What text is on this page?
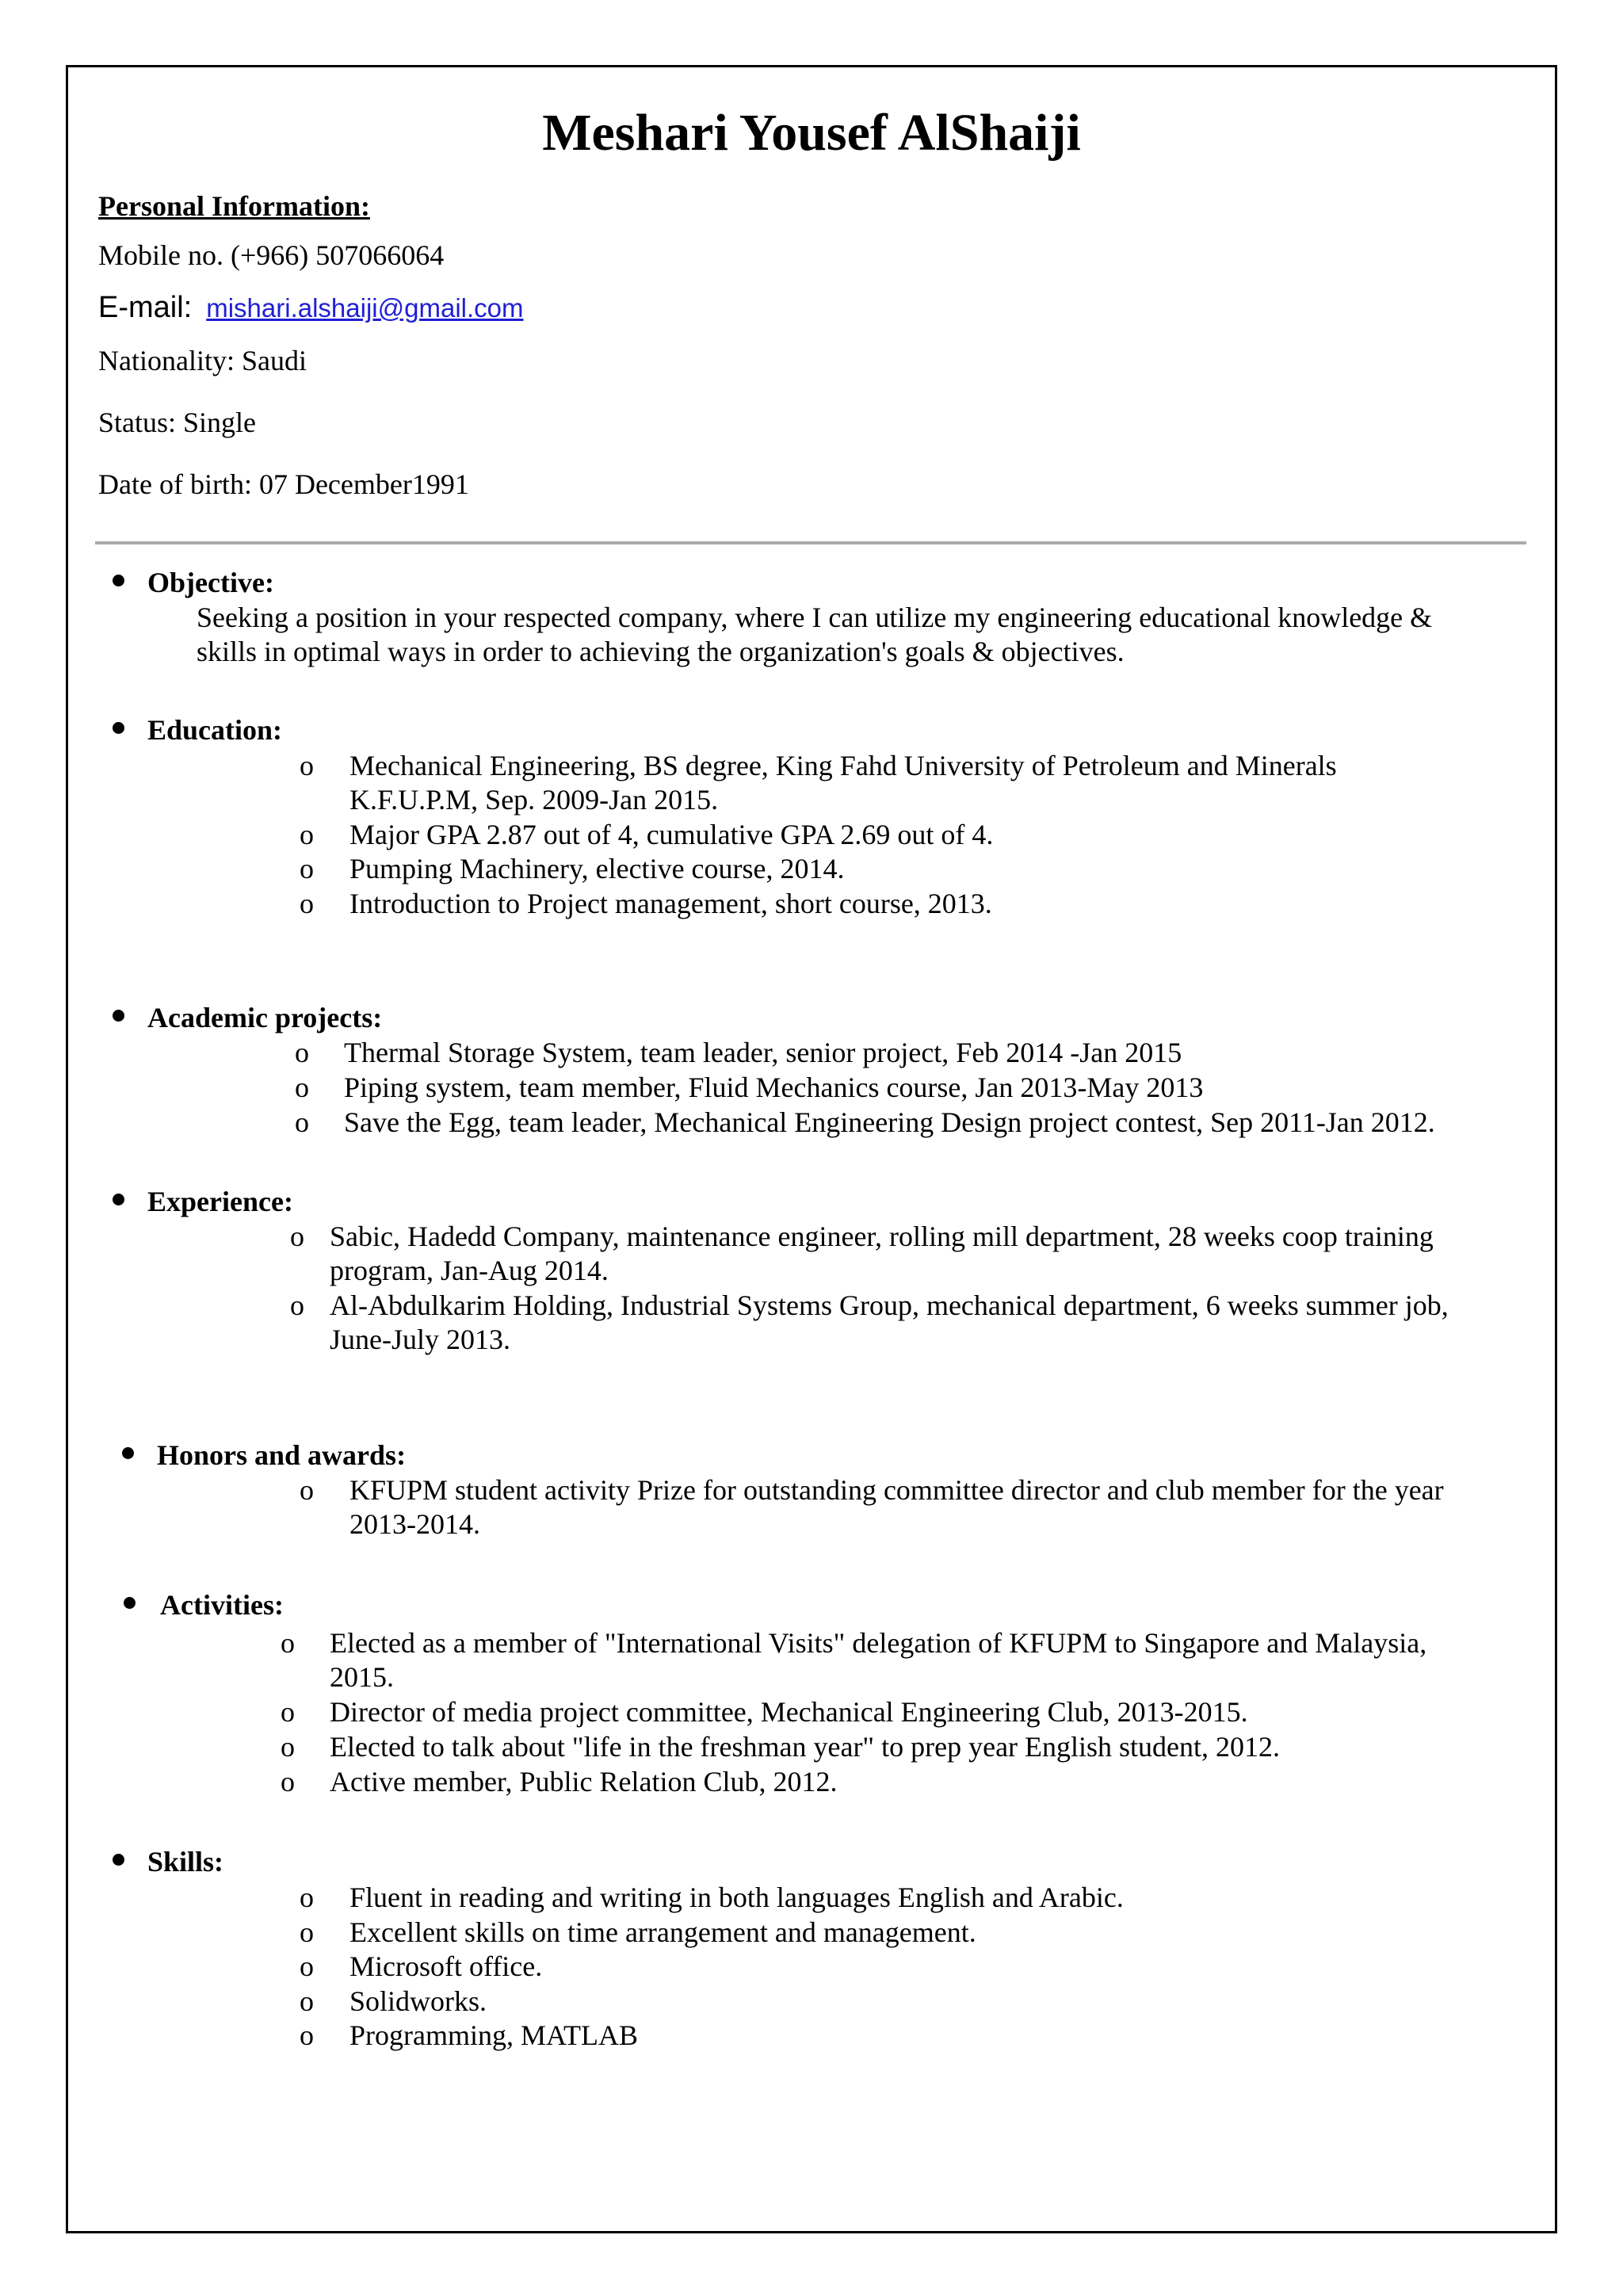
Meshari Yousef AlShaiji
Personal Information:
Mobile no. (+966) 507066064
E-mail: mishari.alshaiji@gmail.com
Nationality: Saudi
Status: Single
Date of birth: 07 December1991
Objective:
Seeking a position in your respected company, where I can utilize my engineering educational knowledge &
skills in optimal ways in order to achieving the organization's goals & objectives.
Education:
o Mechanical Engineering, BS degree, King Fahd University of Petroleum and Minerals
K.F.U.P.M, Sep. 2009-Jan 2015.
o Major GPA 2.87 out of 4, cumulative GPA 2.69 out of 4.
o Pumping Machinery, elective course, 2014.
o Introduction to Project management, short course, 2013.
Academic projects:
o Thermal Storage System, team leader, senior project, Feb 2014 -Jan 2015
o Piping system, team member, Fluid Mechanics course, Jan 2013-May 2013
o Save the Egg, team leader, Mechanical Engineering Design project contest, Sep 2011-Jan 2012.
Experience:
o Sabic, Hadedd Company, maintenance engineer, rolling mill department, 28 weeks coop training
program, Jan-Aug 2014.
o Al-Abdulkarim Holding, Industrial Systems Group, mechanical department, 6 weeks summer job,
June-July 2013.
Honors and awards:
o KFUPM student activity Prize for outstanding committee director and club member for the year
2013-2014.
Activities:
o Elected as a member of "International Visits" delegation of KFUPM to Singapore and Malaysia,
2015.
o Director of media project committee, Mechanical Engineering Club, 2013-2015.
o Elected to talk about "life in the freshman year" to prep year English student, 2012.
o Active member, Public Relation Club, 2012.
Skills:
o Fluent in reading and writing in both languages English and Arabic.
o Excellent skills on time arrangement and management.
o Microsoft office.
o Solidworks.
o Programming, MATLAB
